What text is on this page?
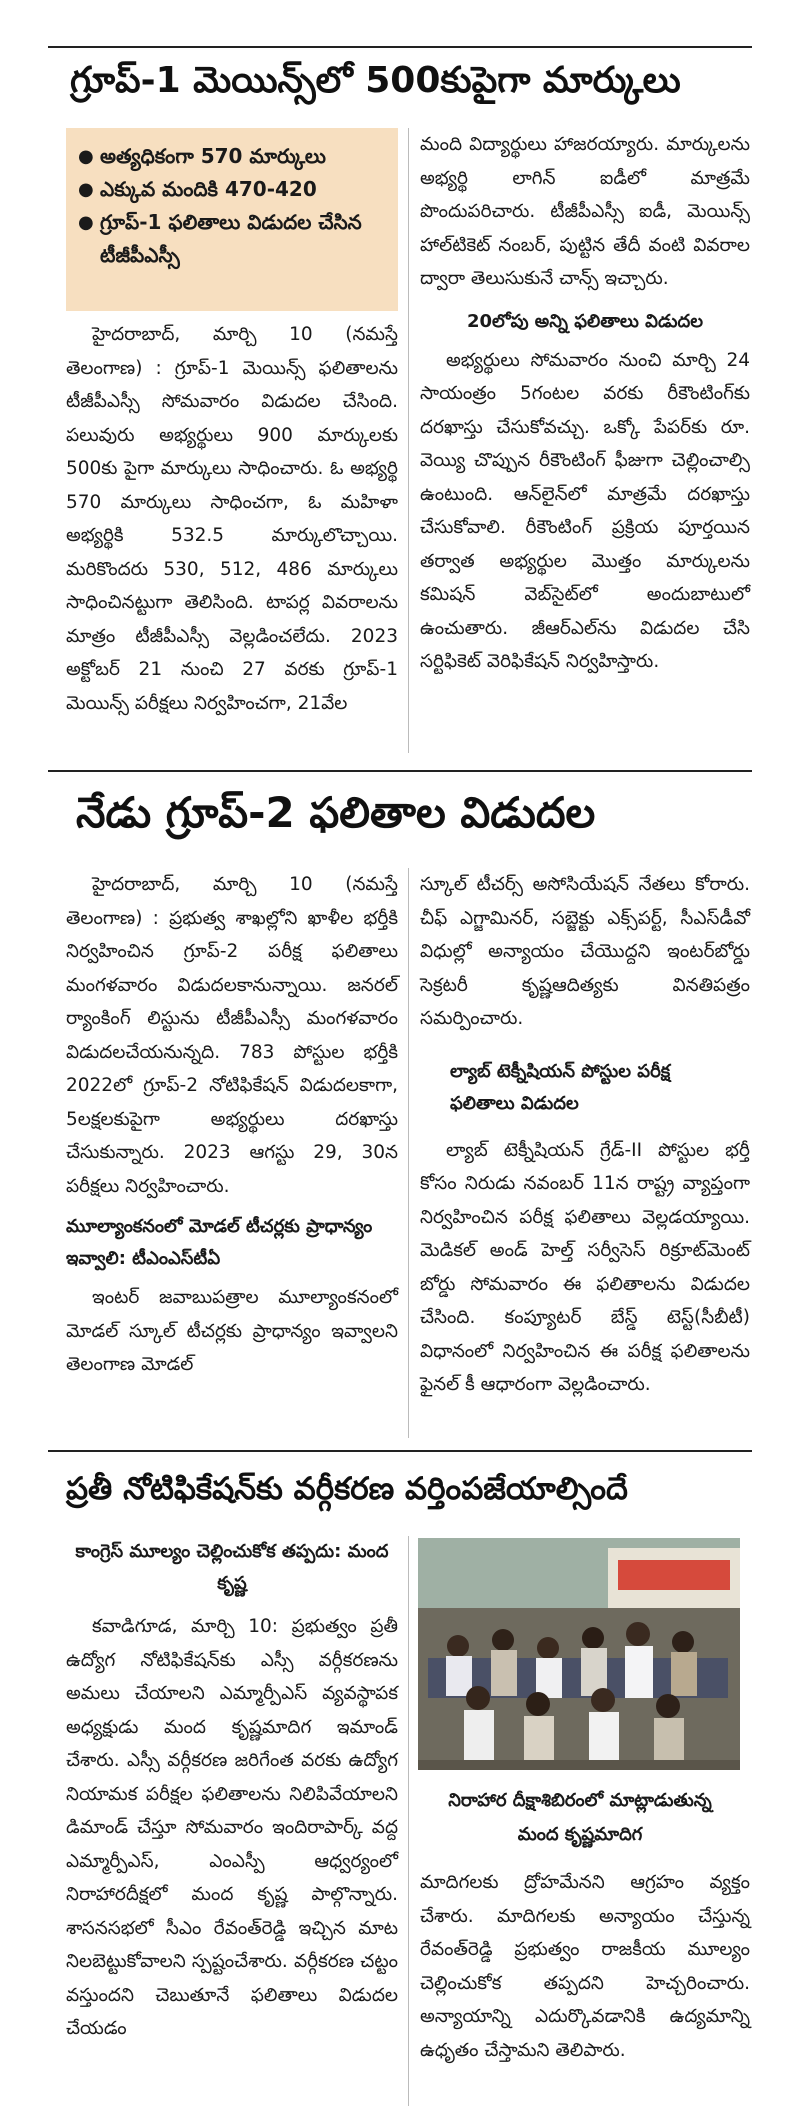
గ్రూప్‌-1 మెయిన్స్‌లో 500కుపైగా మార్కులు
● అత్యధికంగా 570 మార్కులు
● ఎక్కువ మందికి 470-420
● గ్రూప్‌-1 ఫలితాలు విడుదల చేసిన టీజీపీఎస్సీ

హైదరాబాద్‌, మార్చి 10 (నమస్తే తెలంగాణ) : గ్రూప్‌-1 మెయిన్స్‌ ఫలితాలను టీజీపీఎస్సీ సోమవారం విడుదల చేసింది. పలువురు అభ్యర్థులు 900 మార్కులకు 500కు పైగా మార్కులు సాధించారు. ఓ అభ్యర్థి 570 మార్కులు సాధించగా, ఓ మహిళా అభ్యర్థికి 532.5 మార్కులొచ్చాయి. మరికొందరు 530, 512, 486 మార్కులు సాధించినట్టుగా తెలిసింది. టాపర్ల వివరాలను మాత్రం టీజీపీఎస్సీ వెల్లడించలేదు. 2023 అక్టోబర్‌ 21 నుంచి 27 వరకు గ్రూప్‌-1 మెయిన్స్‌ పరీక్షలు నిర్వహించగా, 21వేల

మంది విద్యార్థులు హాజరయ్యారు. మార్కులను అభ్యర్థి లాగిన్‌ ఐడీలో మాత్రమే పొందుపరిచారు. టీజీపీఎస్సీ ఐడీ, మెయిన్స్‌ హాల్‌టికెట్‌ నంబర్‌, పుట్టిన తేదీ వంటి వివరాల ద్వారా తెలుసుకునే చాన్స్‌ ఇచ్చారు.

20లోపు అన్ని ఫలితాలు విడుదల

అభ్యర్థులు సోమవారం నుంచి మార్చి 24 సాయంత్రం 5గంటల వరకు రీకౌంటింగ్‌కు దరఖాస్తు చేసుకోవచ్చు. ఒక్కో పేపర్‌కు రూ. వెయ్యి చొప్పున రీకౌంటింగ్‌ ఫీజుగా చెల్లించాల్సి ఉంటుంది. ఆన్‌లైన్‌లో మాత్రమే దరఖాస్తు చేసుకోవాలి. రీకౌంటింగ్‌ ప్రక్రియ పూర్తయిన తర్వాత అభ్యర్థుల మొత్తం మార్కులను కమిషన్‌ వెబ్‌సైట్‌లో అందుబాటులో ఉంచుతారు. జీఆర్‌ఎల్‌ను విడుదల చేసి సర్టిఫికెట్‌ వెరిఫికేషన్‌ నిర్వహిస్తారు.

నేడు గ్రూప్‌-2 ఫలితాల విడుదల

హైదరాబాద్‌, మార్చి 10 (నమస్తే తెలంగాణ) : ప్రభుత్వ శాఖల్లోని ఖాళీల భర్తీకి నిర్వహించిన గ్రూప్‌-2 పరీక్ష ఫలితాలు మంగళవారం విడుదలకానున్నాయి. జనరల్‌ ర్యాంకింగ్‌ లిస్టును టీజీపీఎస్సీ మంగళవారం విడుదలచేయనున్నది. 783 పోస్టుల భర్తీకి 2022లో గ్రూప్‌-2 నోటిఫికేషన్‌ విడుదలకాగా, 5లక్షలకుపైగా అభ్యర్థులు దరఖాస్తు చేసుకున్నారు. 2023 ఆగస్టు 29, 30న పరీక్షలు నిర్వహించారు.

మూల్యాంకనంలో మోడల్‌ టీచర్లకు ప్రాధాన్యం ఇవ్వాలి: టీఎంఎస్‌టీఏ

ఇంటర్‌ జవాబుపత్రాల మూల్యాంకనంలో మోడల్‌ స్కూల్‌ టీచర్లకు ప్రాధాన్యం ఇవ్వాలని తెలంగాణ మోడల్‌

స్కూల్‌ టీచర్స్‌ అసోసియేషన్‌ నేతలు కోరారు. చీఫ్‌ ఎగ్జామినర్‌, సబ్జెక్టు ఎక్స్‌పర్ట్‌, సీఎస్‌డీవో విధుల్లో అన్యాయం చేయొద్దని ఇంటర్‌బోర్డు సెక్రటరీ కృష్ణఆదిత్యకు వినతిపత్రం సమర్పించారు.

ల్యాబ్‌ టెక్నీషియన్‌ పోస్టుల పరీక్ష ఫలితాలు విడుదల

ల్యాబ్‌ టెక్నీషియన్‌ గ్రేడ్‌-II పోస్టుల భర్తీ కోసం నిరుడు నవంబర్‌ 11న రాష్ట్ర వ్యాప్తంగా నిర్వహించిన పరీక్ష ఫలితాలు వెల్లడయ్యాయి. మెడికల్‌ అండ్‌ హెల్త్‌ సర్వీసెస్‌ రిక్రూట్‌మెంట్‌ బోర్డు సోమవారం ఈ ఫలితాలను విడుదల చేసింది. కంప్యూటర్‌ బేస్డ్‌ టెస్ట్‌(సీబీటీ) విధానంలో నిర్వహించిన ఈ పరీక్ష ఫలితాలను ఫైనల్‌ కీ ఆధారంగా వెల్లడించారు.

ప్రతీ నోటిఫికేషన్‌కు వర్గీకరణ వర్తింపజేయాల్సిందే
కాంగ్రెస్‌ మూల్యం చెల్లించుకోక తప్పదు: మంద కృష్ణ

కవాడిగూడ, మార్చి 10: ప్రభుత్వం ప్రతీ ఉద్యోగ నోటిఫికేషన్‌కు ఎస్సీ వర్గీకరణను అమలు చేయాలని ఎమ్మార్పీఎస్‌ వ్యవస్థాపక అధ్యక్షుడు మంద కృష్ణమాదిగ ఇమాండ్‌ చేశారు. ఎస్సీ వర్గీకరణ జరిగేంత వరకు ఉద్యోగ నియామక పరీక్షల ఫలితాలను నిలిపివేయాలని డిమాండ్‌ చేస్తూ సోమవారం ఇందిరాపార్క్‌ వద్ద ఎమ్మార్పీఎస్‌, ఎంఎస్పీ ఆధ్వర్యంలో నిరాహారదీక్షలో మంద కృష్ణ పాల్గొన్నారు. శాసనసభలో సీఎం రేవంత్‌రెడ్డి ఇచ్చిన మాట నిలబెట్టుకోవాలని స్పష్టంచేశారు. వర్గీకరణ చట్టం వస్తుందని చెబుతూనే ఫలితాలు విడుదల చేయడం

నిరాహార దీక్షాశిబిరంలో మాట్లాడుతున్న మంద కృష్ణమాదిగ

మాదిగలకు ద్రోహమేనని ఆగ్రహం వ్యక్తం చేశారు. మాదిగలకు అన్యాయం చేస్తున్న రేవంత్‌రెడ్డి ప్రభుత్వం రాజకీయ మూల్యం చెల్లించుకోక తప్పదని హెచ్చరించారు. అన్యాయాన్ని ఎదుర్కొవడానికి ఉద్యమాన్ని ఉధృతం చేస్తామని తెలిపారు.
